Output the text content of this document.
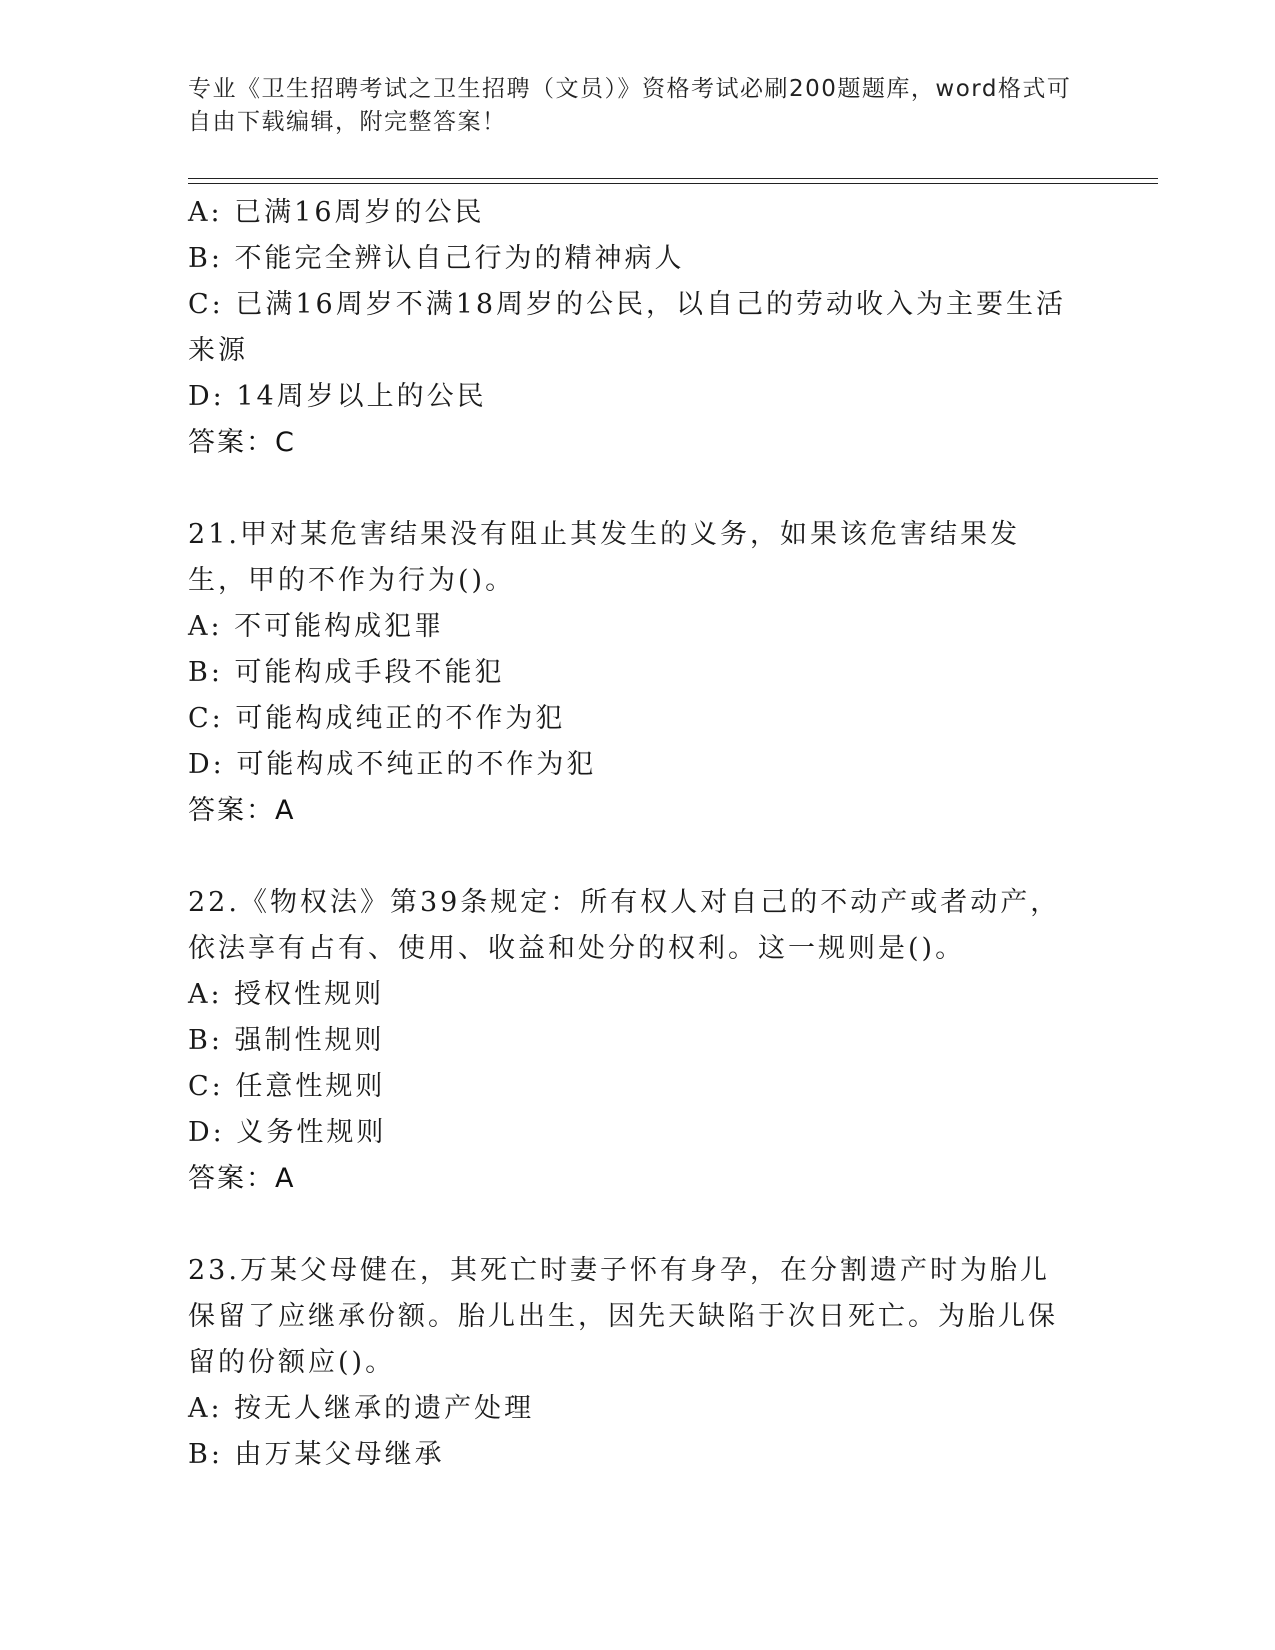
专业《卫生招聘考试之卫生招聘（文员）》资格考试必刷200题题库，word格式可自由下载编辑，附完整答案！
A: 已满16周岁的公民
B: 不能完全辨认自己行为的精神病人
C: 已满16周岁不满18周岁的公民，以自己的劳动收入为主要生活来源
D: 14周岁以上的公民
答案：C
21.甲对某危害结果没有阻止其发生的义务，如果该危害结果发生，甲的不作为行为()。
A: 不可能构成犯罪
B: 可能构成手段不能犯
C: 可能构成纯正的不作为犯
D: 可能构成不纯正的不作为犯
答案：A
22.《物权法》第39条规定：所有权人对自己的不动产或者动产，依法享有占有、使用、收益和处分的权利。这一规则是()。
A: 授权性规则
B: 强制性规则
C: 任意性规则
D: 义务性规则
答案：A
23.万某父母健在，其死亡时妻子怀有身孕，在分割遗产时为胎儿保留了应继承份额。胎儿出生，因先天缺陷于次日死亡。为胎儿保留的份额应()。
A: 按无人继承的遗产处理
B: 由万某父母继承
